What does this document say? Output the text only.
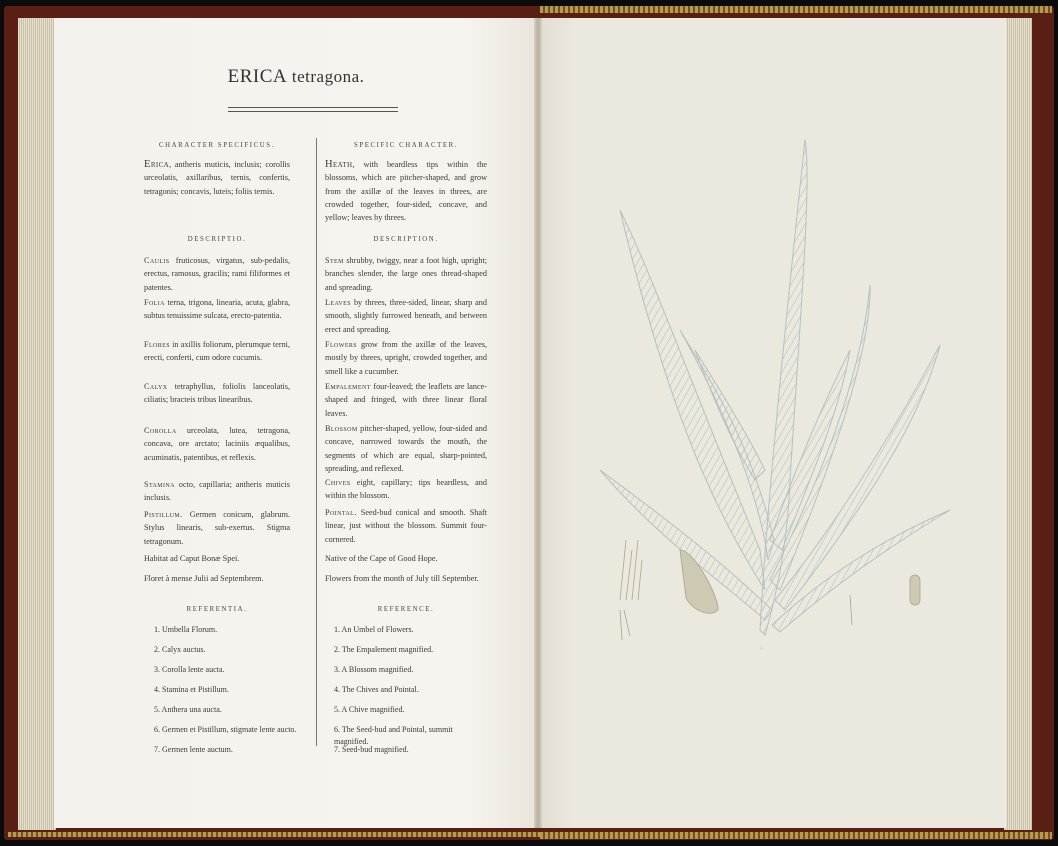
ERICA tetragona.
CHARACTER SPECIFICUS.	SPECIFIC CHARACTER.
Erica, antheris muticis, inclusis; corollis urceolatis, axillaribus, ternis, confertis, tetragonis; concavis, luteis; foliis ternis.
Heath, with beardless tips within the blossoms, which are pitcher-shaped, and grow from the axillæ of the leaves in threes, are crowded together, four-sided, concave, and yellow; leaves by threes.
DESCRIPTIO.	DESCRIPTION.
Caulis fruticosus, virgatus, sub-pedalis, erectus, ramosus, gracilis; rami filiformes et patentes.
Folia terna, trigona, linearia, acuta, glabra, subtus tenuissime sulcata, erecto-patentia.
Flores in axillis foliorum, plerumque terni, erecti, conferti, cum odore cucumis.
Calyx tetraphyllus, foliolis lanceolatis, ciliatis; bracteis tribus linearibus.
Corolla urceolata, lutea, tetragona, concava, ore arctato; laciniis æqualibus, acuminatis, patentibus, et reflexis.
Stamina octo, capillaria; antheris muticis inclusis.
Pistillum. Germen conicum, glabrum. Stylus linearis, sub-exertus. Stigma tetragonum.
Habitat ad Caput Bonæ Spei.
Floret à mense Julii ad Septembrem.
Stem shrubby, twiggy, near a foot high, upright; branches slender, the large ones thread-shaped and spreading.
Leaves by threes, three-sided, linear, sharp and smooth, slightly furrowed beneath, and between erect and spreading.
Flowers grow from the axillæ of the leaves, mostly by threes, upright, crowded together, and smell like a cucumber.
Empalement four-leaved; the leaflets are lance-shaped and fringed, with three linear floral leaves.
Blossom pitcher-shaped, yellow, four-sided and concave, narrowed towards the mouth, the segments of which are equal, sharp-pointed, spreading, and reflexed.
Chives eight, capillary; tips beardless, and within the blossom.
Pointal. Seed-bud conical and smooth. Shaft linear, just without the blossom. Summit four-cornered.
Native of the Cape of Good Hope.
Flowers from the month of July till September.
REFERENTIA.	REFERENCE.
1. Umbella Florum.
2. Calyx auctus.
3. Corolla lente aucta.
4. Stamina et Pistillum.
5. Anthera una aucta.
6. Germen et Pistillum, stigmate lente aucto.
7. Germen lente auctum.
1. An Umbel of Flowers.
2. The Empalement magnified.
3. A Blossom magnified.
4. The Chives and Pointal.
5. A Chive magnified.
6. The Seed-bud and Pointal, summit magnified.
7. Seed-bud magnified.
≈
